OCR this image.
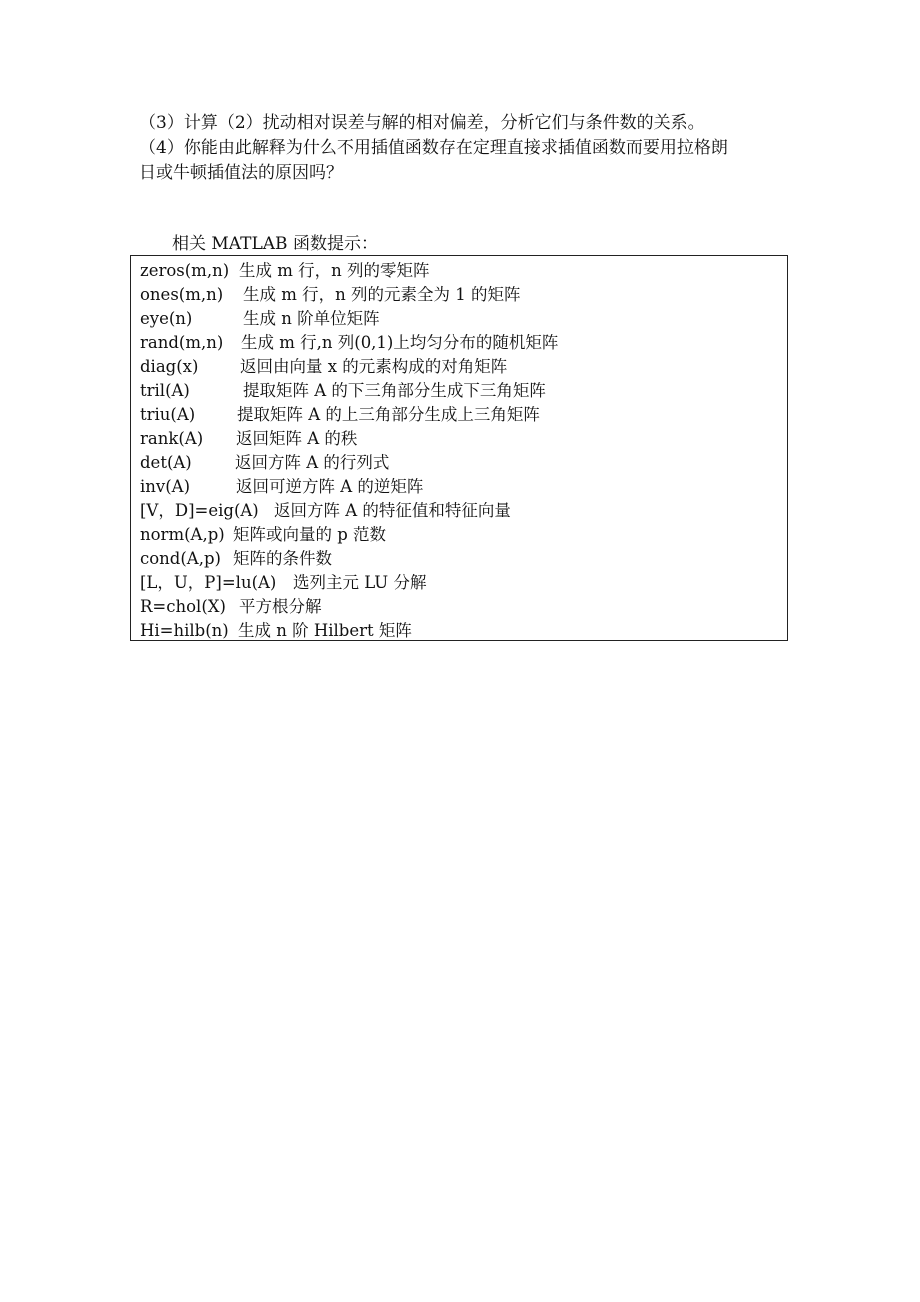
（3）计算（2）扰动相对误差与解的相对偏差，分析它们与条件数的关系。

（4）你能由此解释为什么不用插值函数存在定理直接求插值函数而要用拉格朗

日或牛顿插值法的原因吗？

相关 MATLAB 函数提示：

zeros(m,n) 生成 m 行，n 列的零矩阵
ones(m,n) 生成 m 行，n 列的元素全为 1 的矩阵
eye(n)	生成 n 阶单位矩阵
rand(m,n) 生成 m 行,n 列(0,1)上均匀分布的随机矩阵
diag(x)	返回由向量 x 的元素构成的对角矩阵
tril(A)	提取矩阵 A 的下三角部分生成下三角矩阵
triu(A)	提取矩阵 A 的上三角部分生成上三角矩阵
rank(A) 返回矩阵 A 的秩
det(A)	返回方阵 A 的行列式
inv(A)	返回可逆方阵 A 的逆矩阵
[V，D]=eig(A) 返回方阵 A 的特征值和特征向量
norm(A,p) 矩阵或向量的 p 范数
cond(A,p) 矩阵的条件数
[L，U，P]=lu(A) 选列主元 LU 分解
R=chol(X) 平方根分解
Hi=hilb(n) 生成 n 阶 Hilbert 矩阵
